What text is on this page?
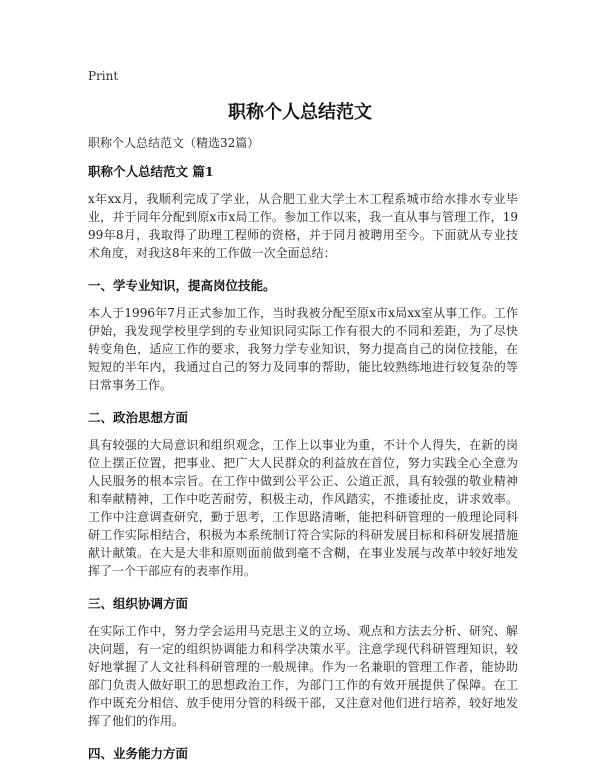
Print
职称个人总结范文
职称个人总结范文（精选32篇）
职称个人总结范文 篇1
x年xx月，我顺利完成了学业，从合肥工业大学土木工程系城市给水排水专业毕业，并于同年分配到原x市x局工作。参加工作以来，我一直从事与管理工作，1999年8月，我取得了助理工程师的资格，并于同月被聘用至今。下面就从专业技术角度，对我这8年来的工作做一次全面总结：
一、学专业知识，提高岗位技能。
本人于1996年7月正式参加工作，当时我被分配至原x市x局xx室从事工作。工作伊始，我发现学校里学到的专业知识同实际工作有很大的不同和差距，为了尽快转变角色，适应工作的要求，我努力学专业知识，努力提高自己的岗位技能，在短短的半年内，我通过自己的努力及同事的帮助，能比较熟练地进行较复杂的等日常事务工作。
二、政治思想方面
具有较强的大局意识和组织观念，工作上以事业为重，不计个人得失，在新的岗位上摆正位置，把事业、把广大人民群众的利益放在首位，努力实践全心全意为人民服务的根本宗旨。在工作中做到公平公正、公道正派，具有较强的敬业精神和奉献精神，工作中吃苦耐劳，积极主动，作风踏实，不推诿扯皮，讲求效率。工作中注意调查研究，勤于思考，工作思路清晰，能把科研管理的一般理论同科研工作实际相结合，积极为本系统制订符合实际的科研发展目标和科研发展措施献计献策。在大是大非和原则面前做到毫不含糊，在事业发展与改革中较好地发挥了一个干部应有的表率作用。
三、组织协调方面
在实际工作中，努力学会运用马克思主义的立场、观点和方法去分析、研究、解决问题，有一定的组织协调能力和科学决策水平。注意学现代科研管理知识，较好地掌握了人文社科科研管理的一般规律。作为一名兼职的管理工作者，能协助部门负责人做好职工的思想政治工作，为部门工作的有效开展提供了保障。在工作中既充分相信、放手使用分管的科级干部，又注意对他们进行培养，较好地发挥了他们的作用。
四、业务能力方面
